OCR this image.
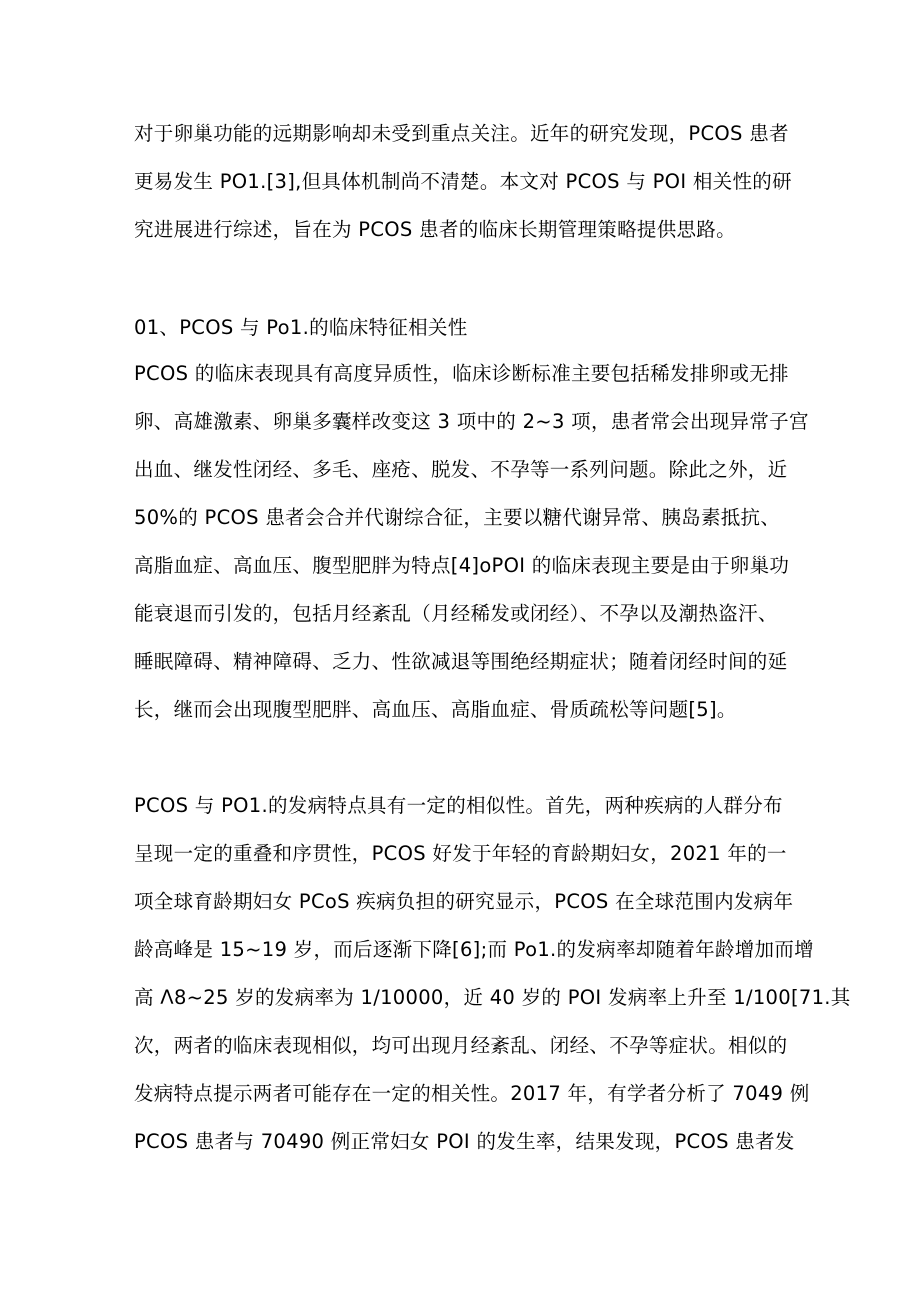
对于卵巢功能的远期影响却未受到重点关注。近年的研究发现，PCOS 患者
更易发生 PO1.[3],但具体机制尚不清楚。本文对 PCOS 与 POI 相关性的研
究进展进行综述，旨在为 PCOS 患者的临床长期管理策略提供思路。
01、PCOS 与 Po1.的临床特征相关性
PCOS 的临床表现具有高度异质性，临床诊断标准主要包括稀发排卵或无排
卵、高雄激素、卵巢多囊样改变这 3 项中的 2~3 项，患者常会出现异常子宫
出血、继发性闭经、多毛、座疮、脱发、不孕等一系列问题。除此之外，近
50%的 PCOS 患者会合并代谢综合征，主要以糖代谢异常、胰岛素抵抗、
高脂血症、高血压、腹型肥胖为特点[4]oPOI 的临床表现主要是由于卵巢功
能衰退而引发的，包括月经紊乱（月经稀发或闭经）、不孕以及潮热盗汗、
睡眠障碍、精神障碍、乏力、性欲减退等围绝经期症状；随着闭经时间的延
长，继而会出现腹型肥胖、高血压、高脂血症、骨质疏松等问题[5]。
PCOS 与 PO1.的发病特点具有一定的相似性。首先，两种疾病的人群分布
呈现一定的重叠和序贯性，PCOS 好发于年轻的育龄期妇女，2021 年的一
项全球育龄期妇女 PCoS 疾病负担的研究显示，PCOS 在全球范围内发病年
龄高峰是 15~19 岁，而后逐渐下降[6];而 Po1.的发病率却随着年龄增加而增
高 Λ8~25 岁的发病率为 1/10000，近 40 岁的 POI 发病率上升至 1/100[71.其
次，两者的临床表现相似，均可出现月经紊乱、闭经、不孕等症状。相似的
发病特点提示两者可能存在一定的相关性。2017 年，有学者分析了 7049 例
PCOS 患者与 70490 例正常妇女 POI 的发生率，结果发现，PCOS 患者发
